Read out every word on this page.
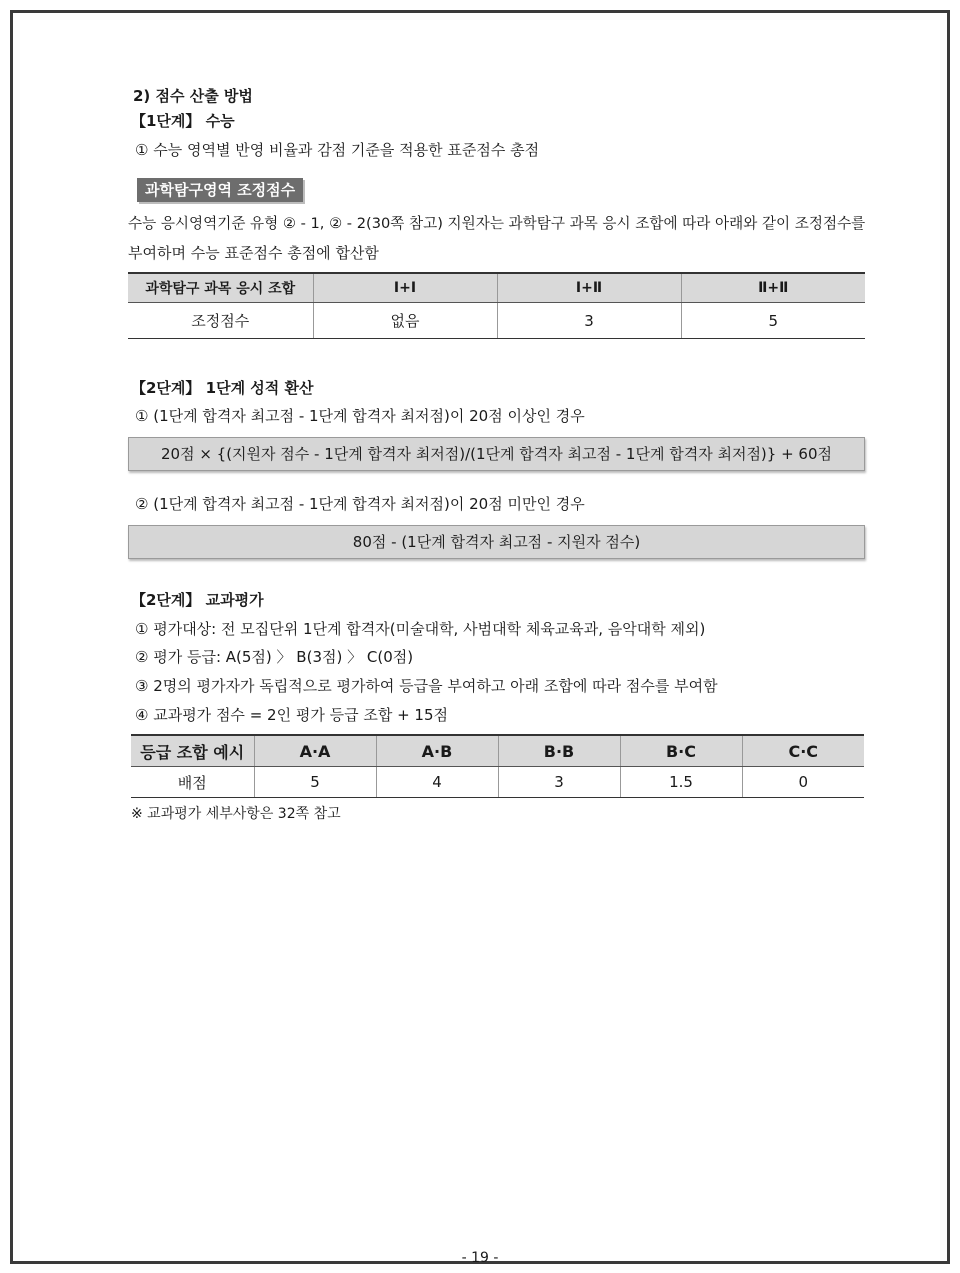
2) 점수 산출 방법
【1단계】 수능
① 수능 영역별 반영 비율과 감점 기준을 적용한 표준점수 총점
과학탐구영역 조정점수
수능 응시영역기준 유형 ② - 1, ② - 2(30쪽 참고) 지원자는 과학탐구 과목 응시 조합에 따라 아래와 같이 조정점수를
부여하며 수능 표준점수 총점에 합산함
과학탐구 과목 응시 조합	Ⅰ+Ⅰ	Ⅰ+Ⅱ	Ⅱ+Ⅱ
조정점수	없음	3	5
【2단계】 1단계 성적 환산
① (1단계 합격자 최고점 - 1단계 합격자 최저점)이 20점 이상인 경우
20점 × {(지원자 점수 - 1단계 합격자 최저점)/(1단계 합격자 최고점 - 1단계 합격자 최저점)} + 60점
② (1단계 합격자 최고점 - 1단계 합격자 최저점)이 20점 미만인 경우
80점 - (1단계 합격자 최고점 - 지원자 점수)
【2단계】 교과평가
① 평가대상: 전 모집단위 1단계 합격자(미술대학, 사범대학 체육교육과, 음악대학 제외)
② 평가 등급: A(5점) 〉 B(3점) 〉 C(0점)
③ 2명의 평가자가 독립적으로 평가하여 등급을 부여하고 아래 조합에 따라 점수를 부여함
④ 교과평가 점수 = 2인 평가 등급 조합 + 15점
등급 조합 예시	A·A	A·B	B·B	B·C	C·C
배점	5	4	3	1.5	0
※ 교과평가 세부사항은 32쪽 참고
- 19 -
